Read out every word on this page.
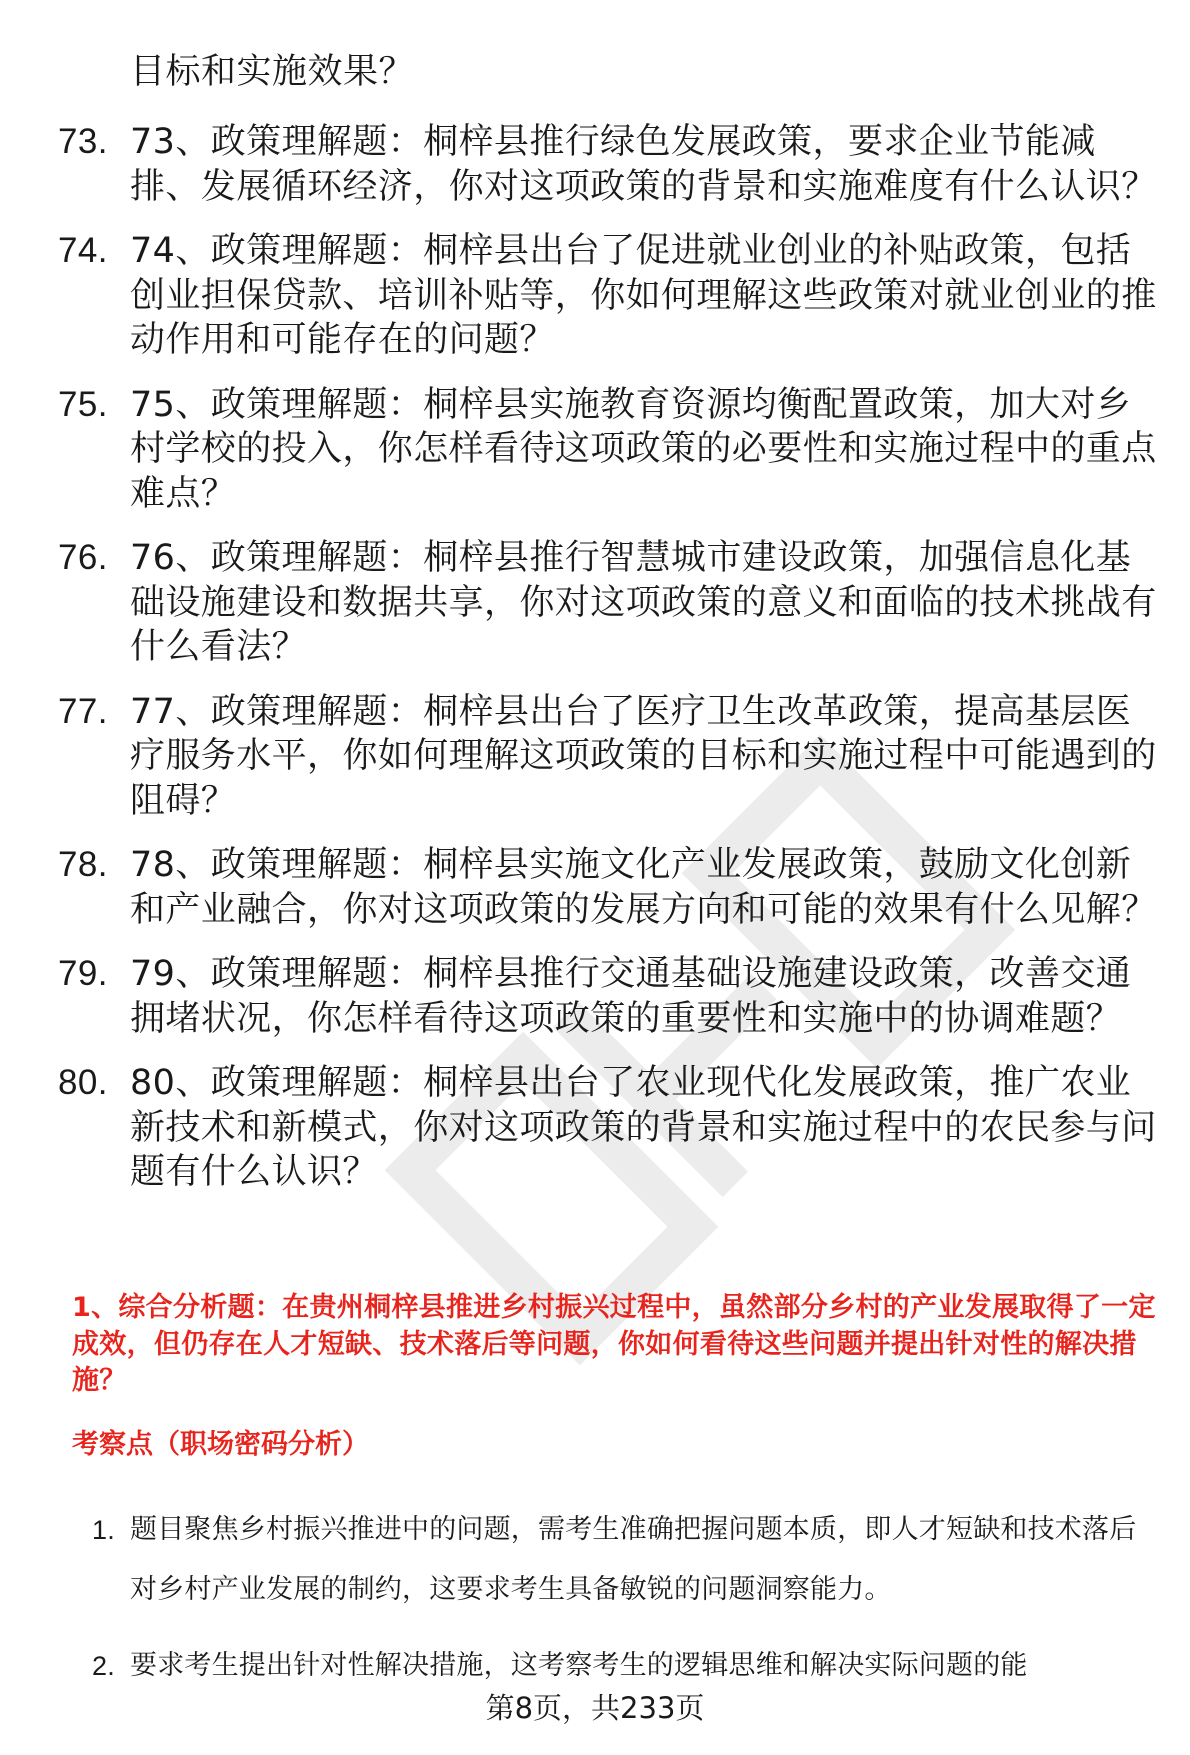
目标和实施效果？
73. 73、政策理解题：桐梓县推行绿色发展政策，要求企业节能减排、发展循环经济，你对这项政策的背景和实施难度有什么认识？
74. 74、政策理解题：桐梓县出台了促进就业创业的补贴政策，包括创业担保贷款、培训补贴等，你如何理解这些政策对就业创业的推动作用和可能存在的问题？
75. 75、政策理解题：桐梓县实施教育资源均衡配置政策，加大对乡村学校的投入，你怎样看待这项政策的必要性和实施过程中的重点难点？
76. 76、政策理解题：桐梓县推行智慧城市建设政策，加强信息化基础设施建设和数据共享，你对这项政策的意义和面临的技术挑战有什么看法？
77. 77、政策理解题：桐梓县出台了医疗卫生改革政策，提高基层医疗服务水平，你如何理解这项政策的目标和实施过程中可能遇到的阻碍？
78. 78、政策理解题：桐梓县实施文化产业发展政策，鼓励文化创新和产业融合，你对这项政策的发展方向和可能的效果有什么见解？
79. 79、政策理解题：桐梓县推行交通基础设施建设政策，改善交通拥堵状况，你怎样看待这项政策的重要性和实施中的协调难题？
80. 80、政策理解题：桐梓县出台了农业现代化发展政策，推广农业新技术和新模式，你对这项政策的背景和实施过程中的农民参与问题有什么认识？
1、综合分析题：在贵州桐梓县推进乡村振兴过程中，虽然部分乡村的产业发展取得了一定成效，但仍存在人才短缺、技术落后等问题，你如何看待这些问题并提出针对性的解决措施？
考察点（职场密码分析）
1. 题目聚焦乡村振兴推进中的问题，需考生准确把握问题本质，即人才短缺和技术落后对乡村产业发展的制约，这要求考生具备敏锐的问题洞察能力。
2. 要求考生提出针对性解决措施，这考察考生的逻辑思维和解决实际问题的能
第8页，共233页
